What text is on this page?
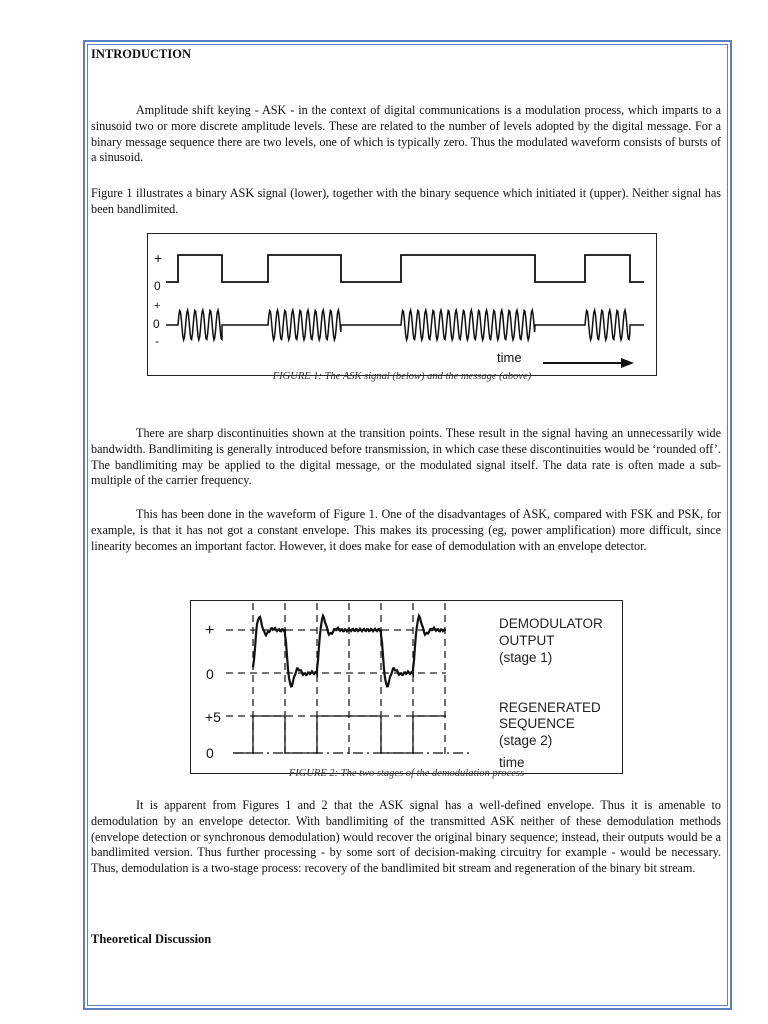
INTRODUCTION

Amplitude shift keying - ASK - in the context of digital communications is a modulation process, which imparts to a sinusoid two or more discrete amplitude levels. These are related to the number of levels adopted by the digital message. For a binary message sequence there are two levels, one of which is typically zero. Thus the modulated waveform consists of bursts of a sinusoid.

Figure 1 illustrates a binary ASK signal (lower), together with the binary sequence which initiated it (upper). Neither signal has been bandlimited.

+
0
+
0
-
time
FIGURE 1: The ASK signal (below) and the message (above)

There are sharp discontinuities shown at the transition points. These result in the signal having an unnecessarily wide bandwidth. Bandlimiting is generally introduced before transmission, in which case these discontinuities would be ‘rounded off’. The bandlimiting may be applied to the digital message, or the modulated signal itself. The data rate is often made a sub-multiple of the carrier frequency.

This has been done in the waveform of Figure 1. One of the disadvantages of ASK, compared with FSK and PSK, for example, is that it has not got a constant envelope. This makes its processing (eg, power amplification) more difficult, since linearity becomes an important factor. However, it does make for ease of demodulation with an envelope detector.

+
0
+5
0
DEMODULATOR
OUTPUT
(stage 1)
REGENERATED
SEQUENCE
(stage 2)
time
FIGURE 2: The two stages of the demodulation process

It is apparent from Figures 1 and 2 that the ASK signal has a well-defined envelope. Thus it is amenable to demodulation by an envelope detector. With bandlimiting of the transmitted ASK neither of these demodulation methods (envelope detection or synchronous demodulation) would recover the original binary sequence; instead, their outputs would be a bandlimited version. Thus further processing - by some sort of decision-making circuitry for example - would be necessary. Thus, demodulation is a two-stage process: recovery of the bandlimited bit stream and regeneration of the binary bit stream.

Theoretical Discussion
